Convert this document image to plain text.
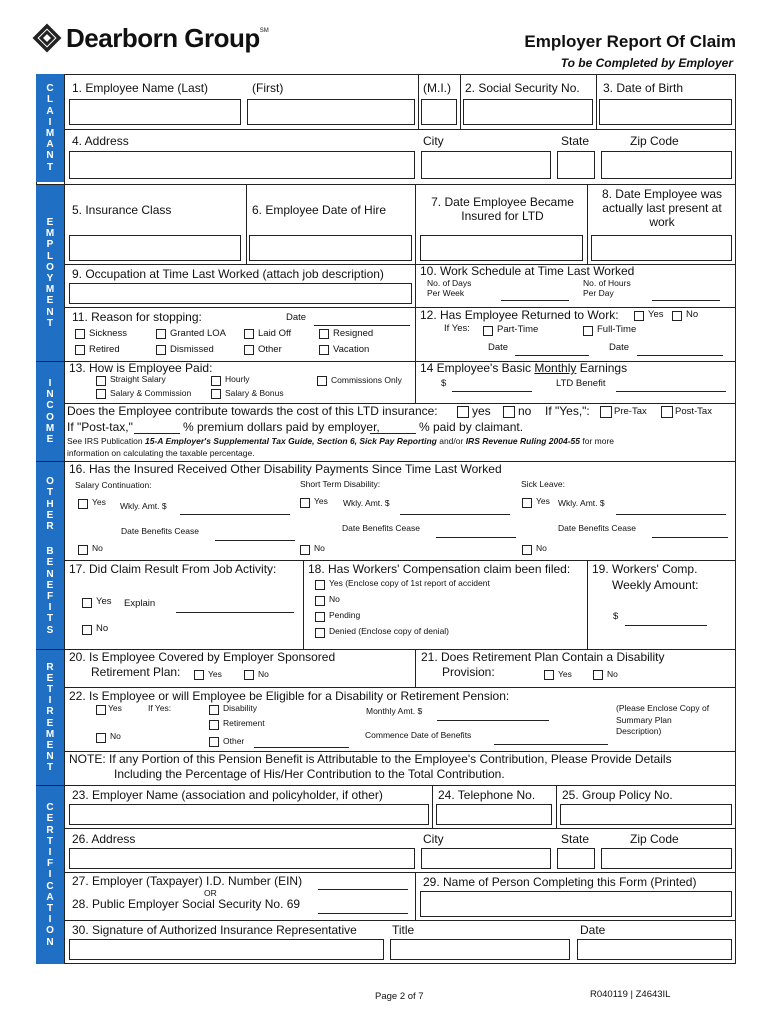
Dearborn Group SM
Employer Report Of Claim
To be Completed by Employer
C
L
A
I
M
A
N
T
E
M
P
L
O
Y
M
E
N
T
I
N
C
O
M
E
O
T
H
E
R
B
E
N
E
F
I
T
S
R
E
T
I
R
E
M
E
N
T
C
E
R
T
I
F
I
C
A
T
I
O
N
1. Employee Name (Last)	(First)	(M.I.) 2. Social Security No. 3. Date of Birth
4. Address	City	State	Zip Code
5. Insurance Class	6. Employee Date of Hire
7. Date Employee Became Insured for LTD
8. Date Employee was actually last present at work
9. Occupation at Time Last Worked (attach job description)	10. Work Schedule at Time Last Worked
No. of Days
Per Week
No. of Hours
Per Day
11. Reason for stopping:	Date
Sickness	Granted LOA	Laid Off	Resigned
Retired	Dismissed	Other	Vacation
12. Has Employee Returned to Work:	Yes No
If Yes:	Part-Time	Full-Time
Date	Date
13. How is Employee Paid:
Straight Salary	Hourly	Commissions Only
Salary & Commission	Salary & Bonus
14 Employee's Basic Monthly Earnings
$	LTD Benefit
Does the Employee contribute towards the cost of this LTD insurance:	yes no If "Yes,":	Pre-Tax	Post-Tax
If "Post-tax,"	% premium dollars paid by employer,	% paid by claimant.
See IRS Publication 15-A Employer's Supplemental Tax Guide, Section 6, Sick Pay Reporting and/or IRS Revenue Ruling 2004-55 for more
information on calculating the taxable percentage.
16. Has the Insured Received Other Disability Payments Since Time Last Worked
Salary Continuation:	Short Term Disability:	Sick Leave:
Yes Wkly. Amt. $	Yes Wkly. Amt. $	Yes Wkly. Amt. $
Date Benefits Cease	Date Benefits Cease	Date Benefits Cease
No	No	No
17. Did Claim Result From Job Activity:
Yes Explain
No
18. Has Workers' Compensation claim been filed:
Yes (Enclose copy of 1st report of accident
No
Pending
Denied (Enclose copy of denial)
19. Workers' Comp.
Weekly Amount:
$
20. Is Employee Covered by Employer Sponsored
Retirement Plan:	Yes	No
21. Does Retirement Plan Contain a Disability
Provision:	Yes	No
22. Is Employee or will Employee be Eligible for a Disability or Retirement Pension:
Yes	If Yes:	Disability
Retirement
Other
No
Monthly Amt. $
Commence Date of Benefits
(Please Enclose Copy of
Summary Plan
Description)
NOTE: If any Portion of this Pension Benefit is Attributable to the Employee's Contribution, Please Provide Details
Including the Percentage of His/Her Contribution to the Total Contribution.
23. Employer Name (association and policyholder, if other)	24. Telephone No. 25. Group Policy No.
26. Address	City	State	Zip Code
27. Employer (Taxpayer) I.D. Number (EIN)
OR
28. Public Employer Social Security No. 69
29. Name of Person Completing this Form (Printed)
30. Signature of Authorized Insurance Representative	Title	Date
Page 2 of 7	R040119 | Z4643IL
